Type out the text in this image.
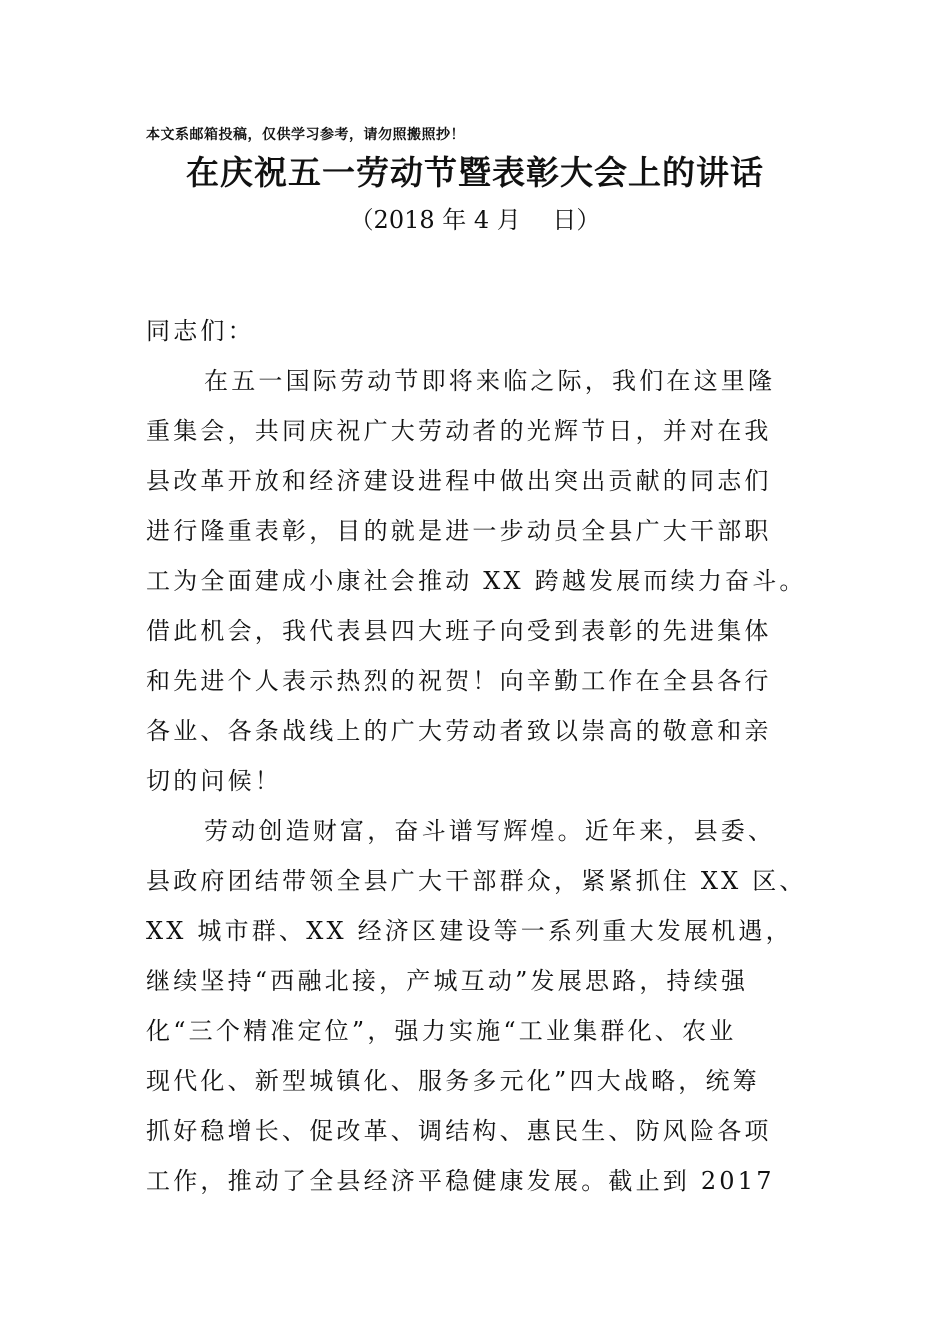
本文系邮箱投稿，仅供学习参考，请勿照搬照抄！
在庆祝五一劳动节暨表彰大会上的讲话
（2018 年 4 月　 日）
同志们：
在五一国际劳动节即将来临之际，我们在这里隆
重集会，共同庆祝广大劳动者的光辉节日，并对在我
县改革开放和经济建设进程中做出突出贡献的同志们
进行隆重表彰，目的就是进一步动员全县广大干部职
工为全面建成小康社会推动 XX 跨越发展而续力奋斗。
借此机会，我代表县四大班子向受到表彰的先进集体
和先进个人表示热烈的祝贺！向辛勤工作在全县各行
各业、各条战线上的广大劳动者致以崇高的敬意和亲
切的问候！
劳动创造财富，奋斗谱写辉煌。近年来，县委、
县政府团结带领全县广大干部群众，紧紧抓住 XX 区、
XX 城市群、XX 经济区建设等一系列重大发展机遇，
继续坚持“西融北接，产城互动”发展思路，持续强
化“三个精准定位”，强力实施“工业集群化、农业
现代化、新型城镇化、服务多元化”四大战略，统筹
抓好稳增长、促改革、调结构、惠民生、防风险各项
工作，推动了全县经济平稳健康发展。截止到 2017
